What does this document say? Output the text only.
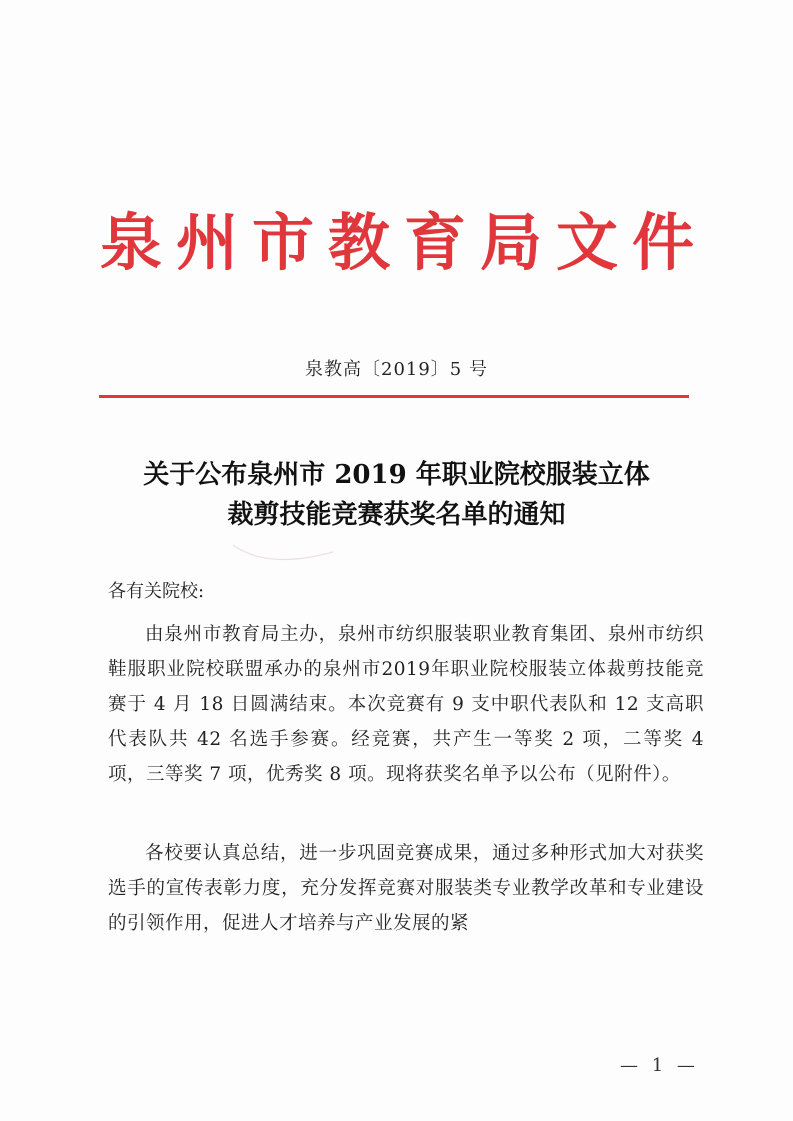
泉州市教育局文件
泉教高〔2019〕5 号
关于公布泉州市 2019 年职业院校服装立体
裁剪技能竞赛获奖名单的通知
各有关院校:
由泉州市教育局主办，泉州市纺织服装职业教育集团、泉州市纺织鞋服职业院校联盟承办的泉州市2019年职业院校服装立体裁剪技能竞赛于 4 月 18 日圆满结束。本次竞赛有 9 支中职代表队和 12 支高职代表队共 42 名选手参赛。经竞赛，共产生一等奖 2 项，二等奖 4 项，三等奖 7 项，优秀奖 8 项。现将获奖名单予以公布（见附件）。
各校要认真总结，进一步巩固竞赛成果，通过多种形式加大对获奖选手的宣传表彰力度，充分发挥竞赛对服装类专业教学改革和专业建设的引领作用，促进人才培养与产业发展的紧
— 1 —
